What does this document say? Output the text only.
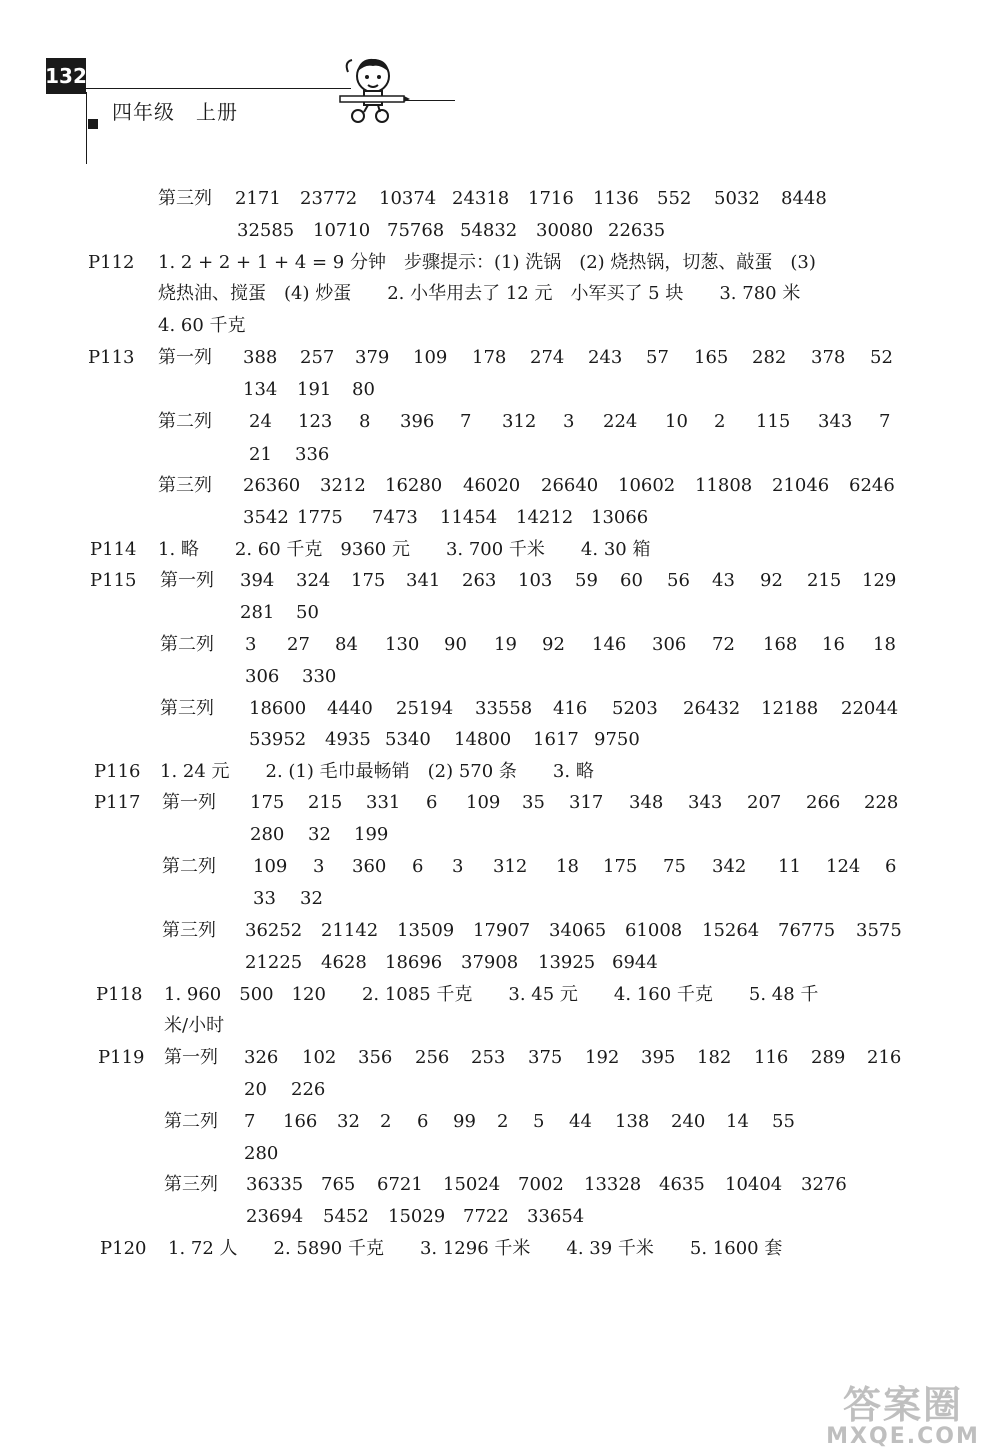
132
四年级　上册
第三列 2171 23772 10374 24318 1716 1136 552 5032 8448
32585 10710 75768 54832 30080 22635
P112 1. 2 + 2 + 1 + 4 = 9 分钟　步骤提示：(1) 洗锅　(2) 烧热锅，切葱、敲蛋　(3)
烧热油、搅蛋　(4) 炒蛋　　2. 小华用去了 12 元　小军买了 5 块　　3. 780 米
4. 60 千克
P113 第一列 388 257 379 109 178 274 243 57 165 282 378 52
134 191 80
第二列 24 123 8 396 7 312 3 224 10 2 115 343 7
21 336
第三列 26360 3212 16280 46020 26640 10602 11808 21046 6246
3542 1775 7473 11454 14212 13066
P114 1. 略　　2. 60 千克　9360 元　　3. 700 千米　　4. 30 箱
P115 第一列 394 324 175 341 263 103 59 60 56 43 92 215 129
281 50
第二列 3 27 84 130 90 19 92 146 306 72 168 16 18
306 330
第三列 18600 4440 25194 33558 416 5203 26432 12188 22044
53952 4935 5340 14800 1617 9750
P116 1. 24 元　　2. (1) 毛巾最畅销　(2) 570 条　　3. 略
P117 第一列 175 215 331 6 109 35 317 348 343 207 266 228
280 32 199
第二列 109 3 360 6 3 312 18 175 75 342 11 124 6
33 32
第三列 36252 21142 13509 17907 34065 61008 15264 76775 3575
21225 4628 18696 37908 13925 6944
P118 1. 960　500　120　　2. 1085 千克　　3. 45 元　　4. 160 千克　　5. 48 千
米/小时
P119 第一列 326 102 356 256 253 375 192 395 182 116 289 216
20 226
第二列 7 166 32 2 6 99 2 5 44 138 240 14 55
280
第三列 36335 765 6721 15024 7002 13328 4635 10404 3276
23694 5452 15029 7722 33654
P120 1. 72 人　　2. 5890 千克　　3. 1296 千米　　4. 39 千米　　5. 1600 套
答案圈
MXQE.COM
